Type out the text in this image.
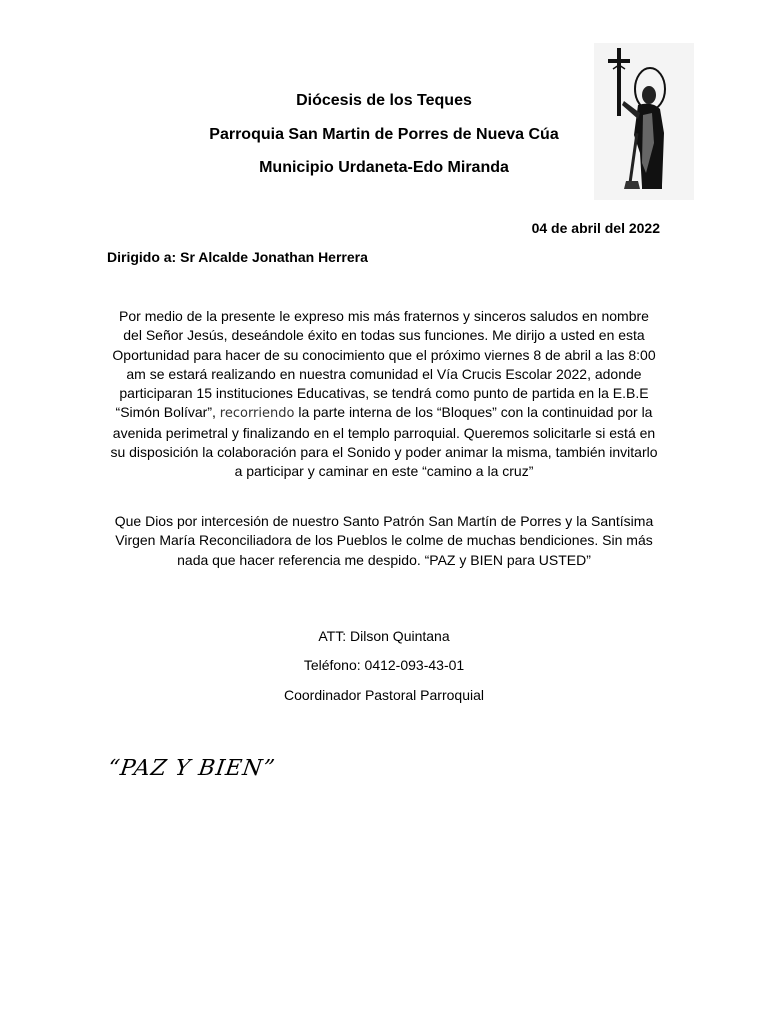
Diócesis de los Teques
Parroquia San Martin de Porres de Nueva Cúa
Municipio Urdaneta-Edo Miranda
04 de abril del 2022
Dirigido a: Sr Alcalde Jonathan Herrera

Por medio de la presente le expreso mis más fraternos y sinceros saludos en nombre del Señor Jesús, deseándole éxito en todas sus funciones. Me dirijo a usted en esta Oportunidad para hacer de su conocimiento que el próximo viernes 8 de abril a las 8:00 am se estará realizando en nuestra comunidad el Vía Crucis Escolar 2022, adonde participaran 15 instituciones Educativas, se tendrá como punto de partida en la E.B.E “Simón Bolívar”, recorriendo la parte interna de los “Bloques” con la continuidad por la avenida perimetral y finalizando en el templo parroquial. Queremos solicitarle si está en su disposición la colaboración para el Sonido y poder animar la misma, también invitarlo a participar y caminar en este “camino a la cruz”

Que Dios por intercesión de nuestro Santo Patrón San Martín de Porres y la Santísima Virgen María Reconciliadora de los Pueblos le colme de muchas bendiciones. Sin más nada que hacer referencia me despido. “PAZ y BIEN para USTED”

ATT: Dilson Quintana
Teléfono: 0412-093-43-01
Coordinador Pastoral Parroquial
“PAZ Y BIEN”
